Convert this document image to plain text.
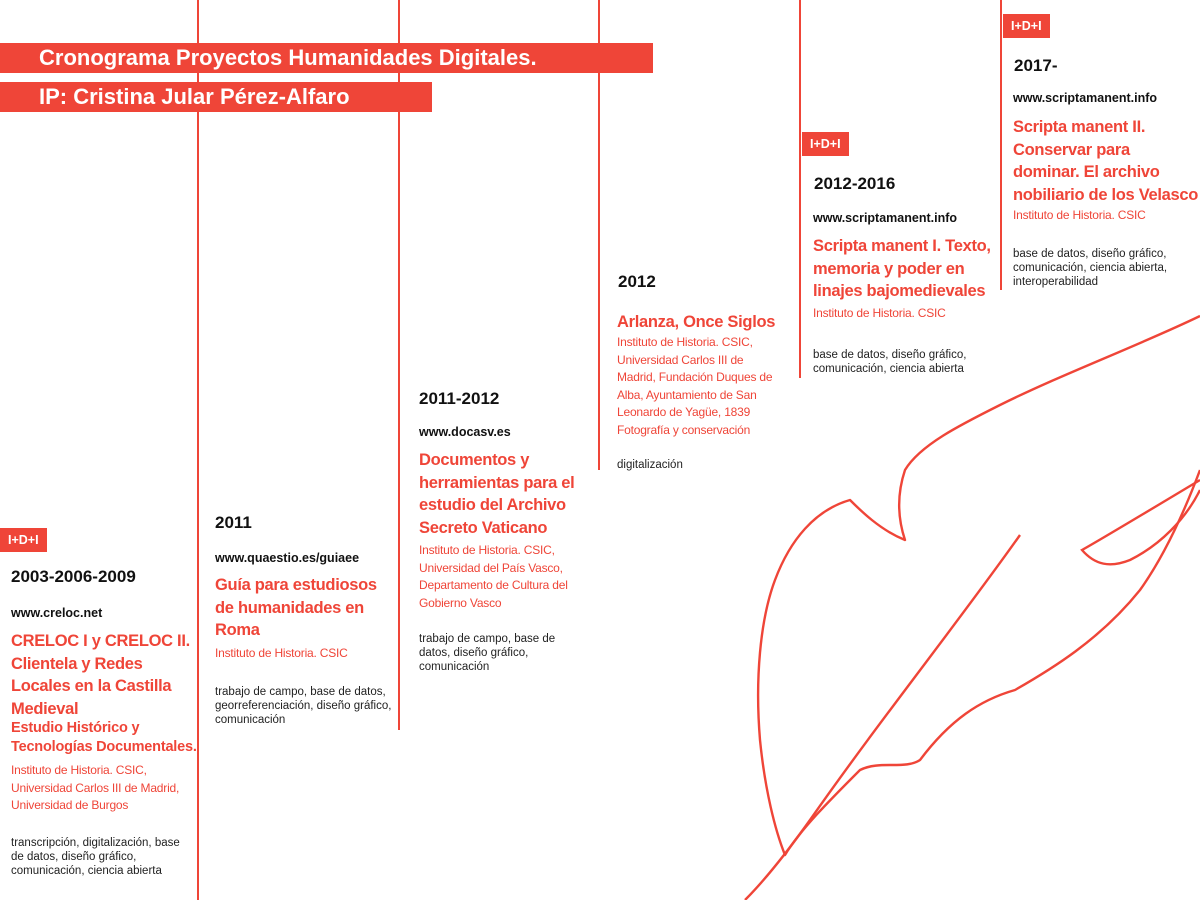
Cronograma Proyectos Humanidades Digitales.
IP: Cristina Jular Pérez-Alfaro
I+D+I
2003-2006-2009
www.creloc.net
CRELOC I y CRELOC II. Clientela y Redes Locales en la Castilla Medieval
Estudio Histórico y Tecnologías Documentales.
Instituto de Historia. CSIC, Universidad Carlos III de Madrid, Universidad de Burgos
transcripción, digitalización, base de datos, diseño gráfico, comunicación, ciencia abierta
2011
www.quaestio.es/guiaee
Guía para estudiosos de humanidades en Roma
Instituto de Historia. CSIC
trabajo de campo, base de datos, georreferenciación, diseño gráfico, comunicación
2011-2012
www.docasv.es
Documentos y herramientas para el estudio del Archivo Secreto Vaticano
Instituto de Historia. CSIC, Universidad del País Vasco, Departamento de Cultura del Gobierno Vasco
trabajo de campo, base de datos, diseño gráfico, comunicación
2012
Arlanza, Once Siglos
Instituto de Historia. CSIC, Universidad Carlos III de Madrid, Fundación Duques de Alba, Ayuntamiento de San Leonardo de Yagüe, 1839 Fotografía y conservación
digitalización
I+D+I
2012-2016
www.scriptamanent.info
Scripta manent I. Texto, memoria y poder en linajes bajomedievales
Instituto de Historia. CSIC
base de datos, diseño gráfico, comunicación, ciencia abierta
I+D+I
2017-
www.scriptamanent.info
Scripta manent II. Conservar para dominar. El archivo nobiliario de los Velasco
Instituto de Historia. CSIC
base de datos, diseño gráfico, comunicación, ciencia abierta, interoperabilidad
